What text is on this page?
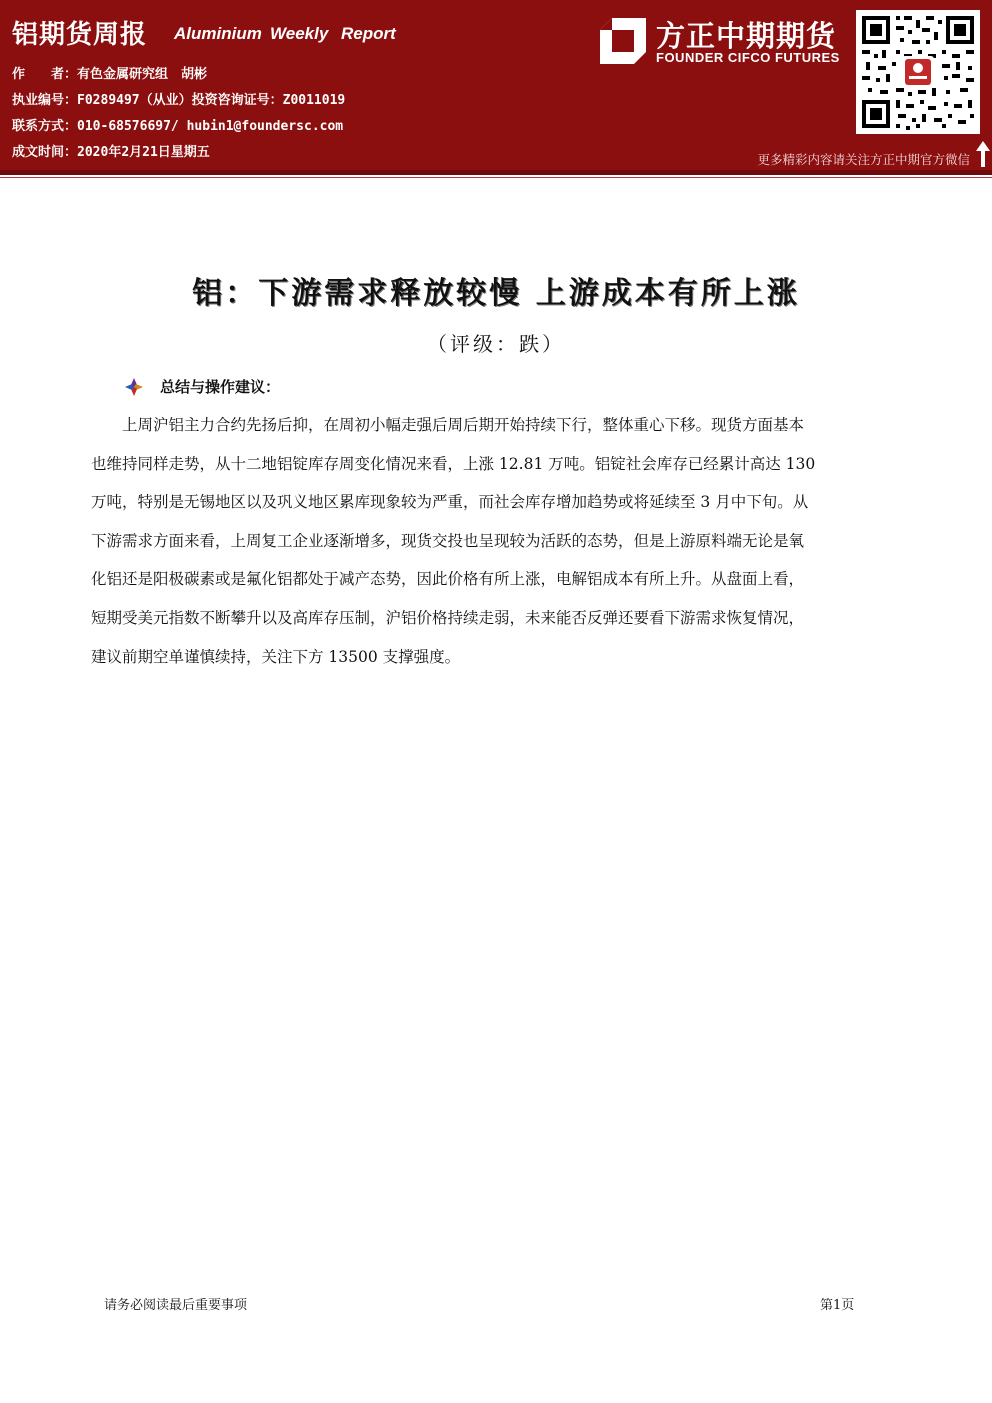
铝期货周报 Aluminium Weekly Report
作　　者：有色金属研究组　胡彬
执业编号：F0289497（从业）投资咨询证号：Z0011019
联系方式：010-68576697/ hubin1@foundersc.com
成文时间：2020年2月21日星期五
方正中期期货
FOUNDER CIFCO FUTURES
更多精彩内容请关注方正中期官方微信
铝：下游需求释放较慢 上游成本有所上涨
（评级：跌）
总结与操作建议：
　　上周沪铝主力合约先扬后抑，在周初小幅走强后周后期开始持续下行，整体重心下移。现货方面基本
也维持同样走势，从十二地铝锭库存周变化情况来看，上涨 12.81 万吨。铝锭社会库存已经累计高达 130
万吨，特别是无锡地区以及巩义地区累库现象较为严重，而社会库存增加趋势或将延续至 3 月中下旬。从
下游需求方面来看，上周复工企业逐渐增多，现货交投也呈现较为活跃的态势，但是上游原料端无论是氧
化铝还是阳极碳素或是氟化铝都处于减产态势，因此价格有所上涨，电解铝成本有所上升。从盘面上看，
短期受美元指数不断攀升以及高库存压制，沪铝价格持续走弱，未来能否反弹还要看下游需求恢复情况，
建议前期空单谨慎续持，关注下方 13500 支撑强度。
请务必阅读最后重要事项	第1页
